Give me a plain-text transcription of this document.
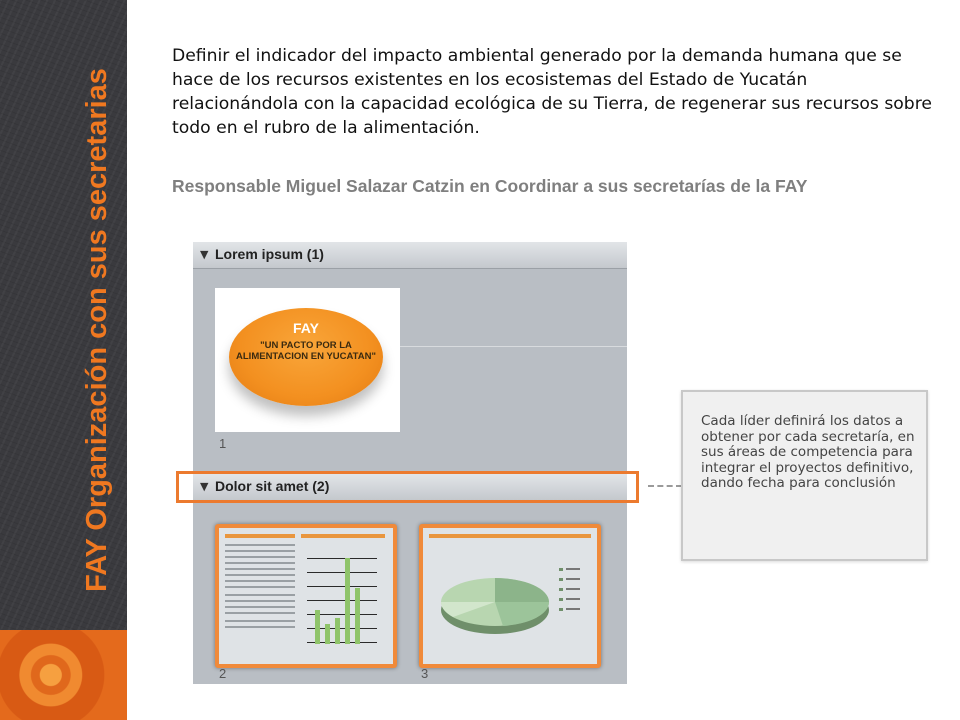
FAY Organización con sus secretarias

Definir el indicador del impacto ambiental generado por la demanda humana que se hace de los recursos existentes en los ecosistemas del Estado de Yucatán relacionándola con la capacidad ecológica de su Tierra, de regenerar sus recursos sobre todo en el rubro de la alimentación.

Responsable Miguel Salazar Catzin en Coordinar a sus secretarías de la FAY

▼ Lorem ipsum (1)
FAY
"UN PACTO POR LA ALIMENTACION EN YUCATAN"
1
▼ Dolor sit amet (2)
2	3

Cada líder definirá los datos a obtener por cada secretaría, en sus áreas de competencia para integrar el proyectos definitivo, dando fecha para conclusión
